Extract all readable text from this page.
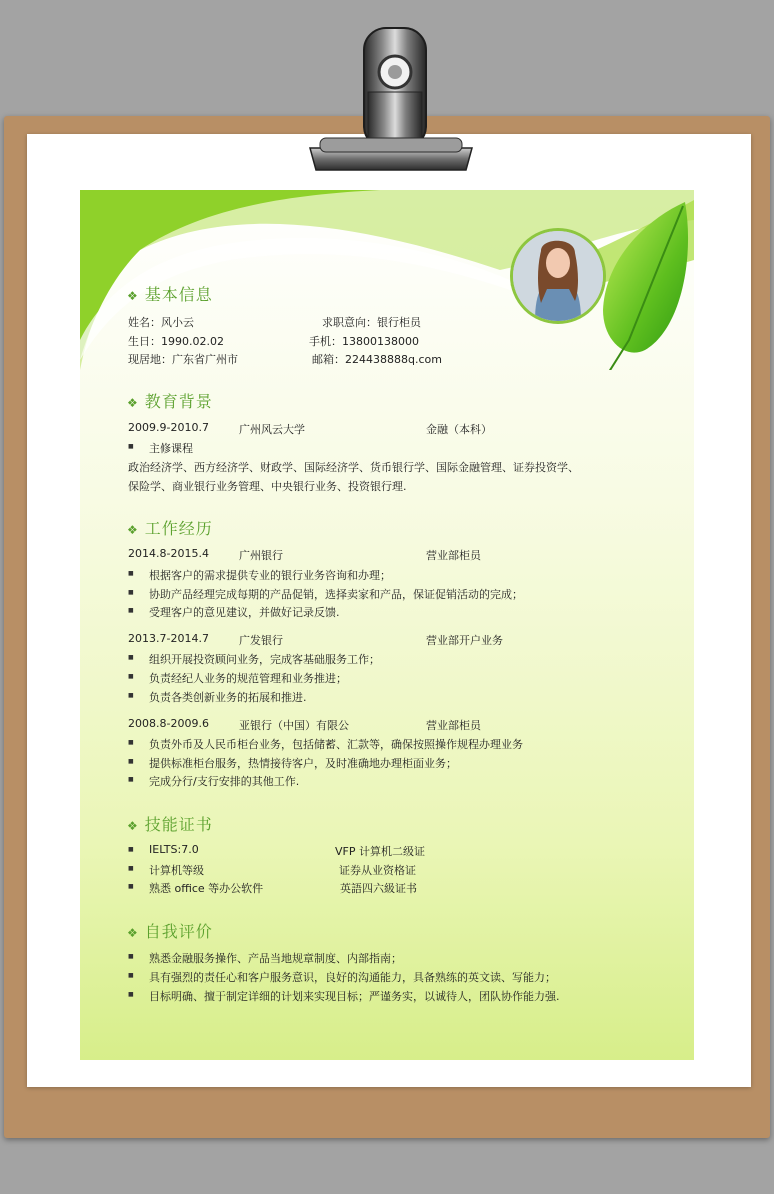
❖ 基本信息
姓名：风小云	求职意向：银行柜员
生日：1990.02.02	手机：13800138000
现居地：广东省广州市	邮箱：224438888q.com
❖ 教育背景
2009.9-2010.7	广州风云大学	金融（本科）
■ 主修课程
政治经济学、西方经济学、财政学、国际经济学、货币银行学、国际金融管理、证券投资学、
保险学、商业银行业务管理、中央银行业务、投资银行理.
❖ 工作经历
2014.8-2015.4	广州银行	营业部柜员
■ 根据客户的需求提供专业的银行业务咨询和办理；
■ 协助产品经理完成每期的产品促销，选择卖家和产品，保证促销活动的完成；
■ 受理客户的意见建议，并做好记录反馈.
2013.7-2014.7	广发银行	营业部开户业务
■ 组织开展投资顾问业务，完成客基础服务工作；
■ 负责经纪人业务的规范管理和业务推进；
■ 负责各类创新业务的拓展和推进.
2008.8-2009.6	亚银行（中国）有限公	营业部柜员
■ 负责外币及人民币柜台业务，包括储蓄、汇款等，确保按照操作规程办理业务
■ 提供标准柜台服务，热情接待客户，及时准确地办理柜面业务；
■ 完成分行/支行安排的其他工作.
❖ 技能证书
■ IELTS:7.0	VFP 计算机二级证
■ 计算机等级	证券从业资格证
■ 熟悉 office 等办公软件	英語四六級证书
❖ 自我评价
■ 熟悉金融服务操作、产品当地规章制度、内部指南；
■ 具有强烈的责任心和客户服务意识，良好的沟通能力，具备熟练的英文读、写能力；
■ 目标明确、擅于制定详细的计划来实现目标；严谨务实，以诚待人，团队协作能力强.
